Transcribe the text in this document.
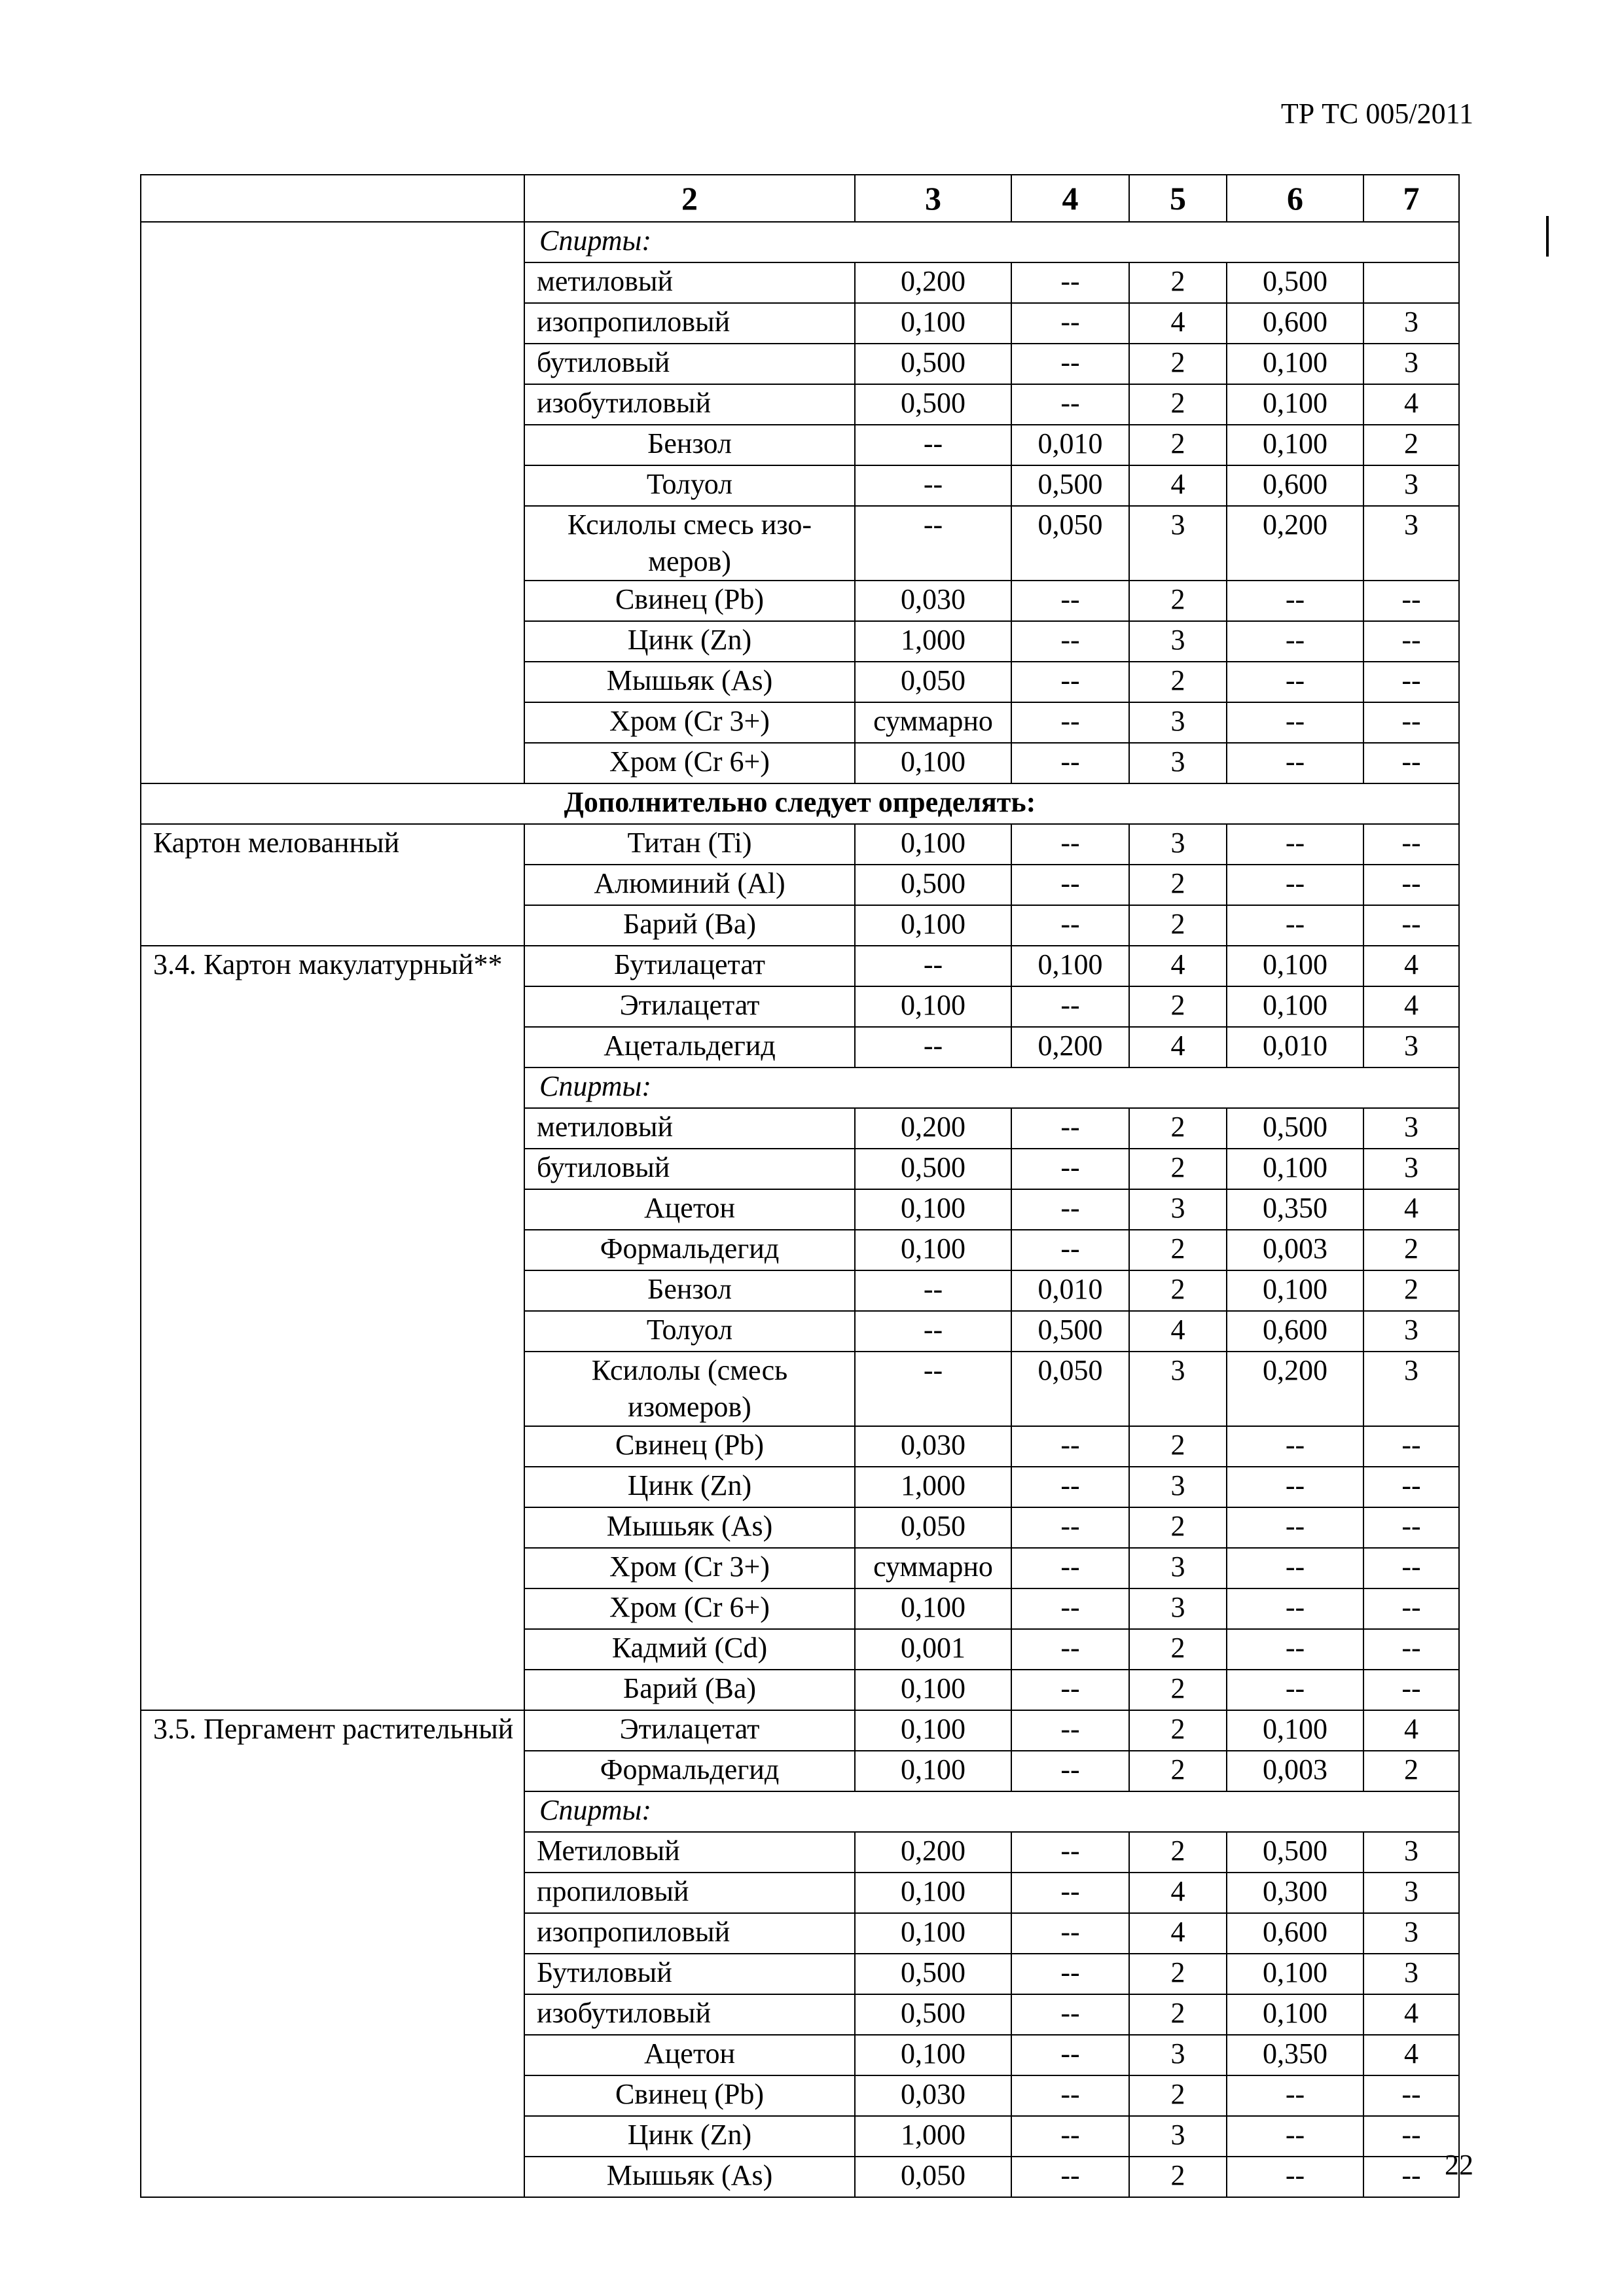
ТР ТС 005/2011
	2	3	4	5	6	7
	Спирты:					
	метиловый	0,200	--	2	0,500	
	изопропиловый	0,100	--	4	0,600	3
	бутиловый	0,500	--	2	0,100	3
	изобутиловый	0,500	--	2	0,100	4
	Бензол	--	0,010	2	0,100	2
	Толуол	--	0,500	4	0,600	3

	Ксилолы смесь изо-
меров)	--	0,050	3	0,200	3
	Свинец (Pb)	0,030	--	2	--	--
	Цинк (Zn)	1,000	--	3	--	--
	Мышьяк (As)	0,050	--	2	--	--
	Хром (Cr 3+)	суммарно	--	3	--	--
	Хром (Cr 6+)	0,100	--	3	--	--
Дополнительно следует определять:						
Картон мелованный	Титан (Ti)	0,100	--	3	--	--
	Алюминий (Al)	0,500	--	2	--	--
	Барий (Ba)	0,100	--	2	--	--
3.4. Картон макулатурный**	Бутилацетат	--	0,100	4	0,100	4
	Этилацетат	0,100	--	2	0,100	4
	Ацетальдегид	--	0,200	4	0,010	3
	Спирты:					
	метиловый	0,200	--	2	0,500	3
	бутиловый	0,500	--	2	0,100	3
	Ацетон	0,100	--	3	0,350	4
	Формальдегид	0,100	--	2	0,003	2
	Бензол	--	0,010	2	0,100	2
	Толуол	--	0,500	4	0,600	3

	Ксилолы (смесь
изомеров)	--	0,050	3	0,200	3
	Свинец (Pb)	0,030	--	2	--	--
	Цинк (Zn)	1,000	--	3	--	--
	Мышьяк (As)	0,050	--	2	--	--
	Хром (Cr 3+)	суммарно	--	3	--	--
	Хром (Cr 6+)	0,100	--	3	--	--
	Кадмий (Cd)	0,001	--	2	--	--
	Барий (Ba)	0,100	--	2	--	--
3.5. Пергамент растительный	Этилацетат	0,100	--	2	0,100	4
	Формальдегид	0,100	--	2	0,003	2
	Спирты:					
	Метиловый	0,200	--	2	0,500	3
	пропиловый	0,100	--	4	0,300	3
	изопропиловый	0,100	--	4	0,600	3
	Бутиловый	0,500	--	2	0,100	3
	изобутиловый	0,500	--	2	0,100	4
	Ацетон	0,100	--	3	0,350	4
	Свинец (Pb)	0,030	--	2	--	--
	Цинк (Zn)	1,000	--	3	--	--
	Мышьяк (As)	0,050	--	2	--	-- 22
